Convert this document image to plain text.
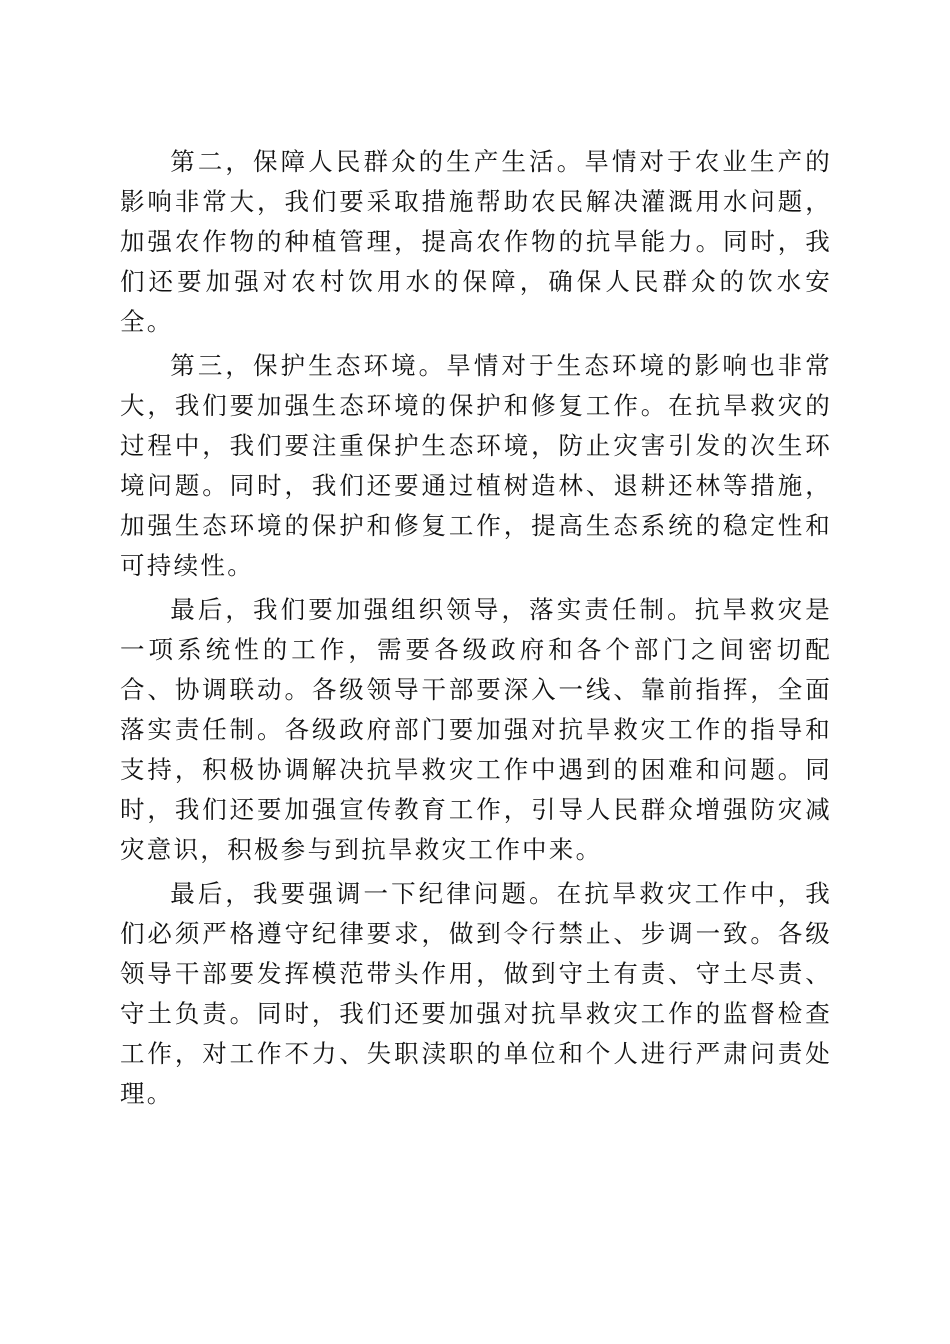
第二，保障人民群众的生产生活。旱情对于农业生产的影响非常大，我们要采取措施帮助农民解决灌溉用水问题，加强农作物的种植管理，提高农作物的抗旱能力。同时，我们还要加强对农村饮用水的保障，确保人民群众的饮水安全。

第三，保护生态环境。旱情对于生态环境的影响也非常大，我们要加强生态环境的保护和修复工作。在抗旱救灾的过程中，我们要注重保护生态环境，防止灾害引发的次生环境问题。同时，我们还要通过植树造林、退耕还林等措施，加强生态环境的保护和修复工作，提高生态系统的稳定性和可持续性。

最后，我们要加强组织领导，落实责任制。抗旱救灾是一项系统性的工作，需要各级政府和各个部门之间密切配合、协调联动。各级领导干部要深入一线、靠前指挥，全面落实责任制。各级政府部门要加强对抗旱救灾工作的指导和支持，积极协调解决抗旱救灾工作中遇到的困难和问题。同时，我们还要加强宣传教育工作，引导人民群众增强防灾减灾意识，积极参与到抗旱救灾工作中来。

最后，我要强调一下纪律问题。在抗旱救灾工作中，我们必须严格遵守纪律要求，做到令行禁止、步调一致。各级领导干部要发挥模范带头作用，做到守土有责、守土尽责、守土负责。同时，我们还要加强对抗旱救灾工作的监督检查工作，对工作不力、失职渎职的单位和个人进行严肃问责处理。
